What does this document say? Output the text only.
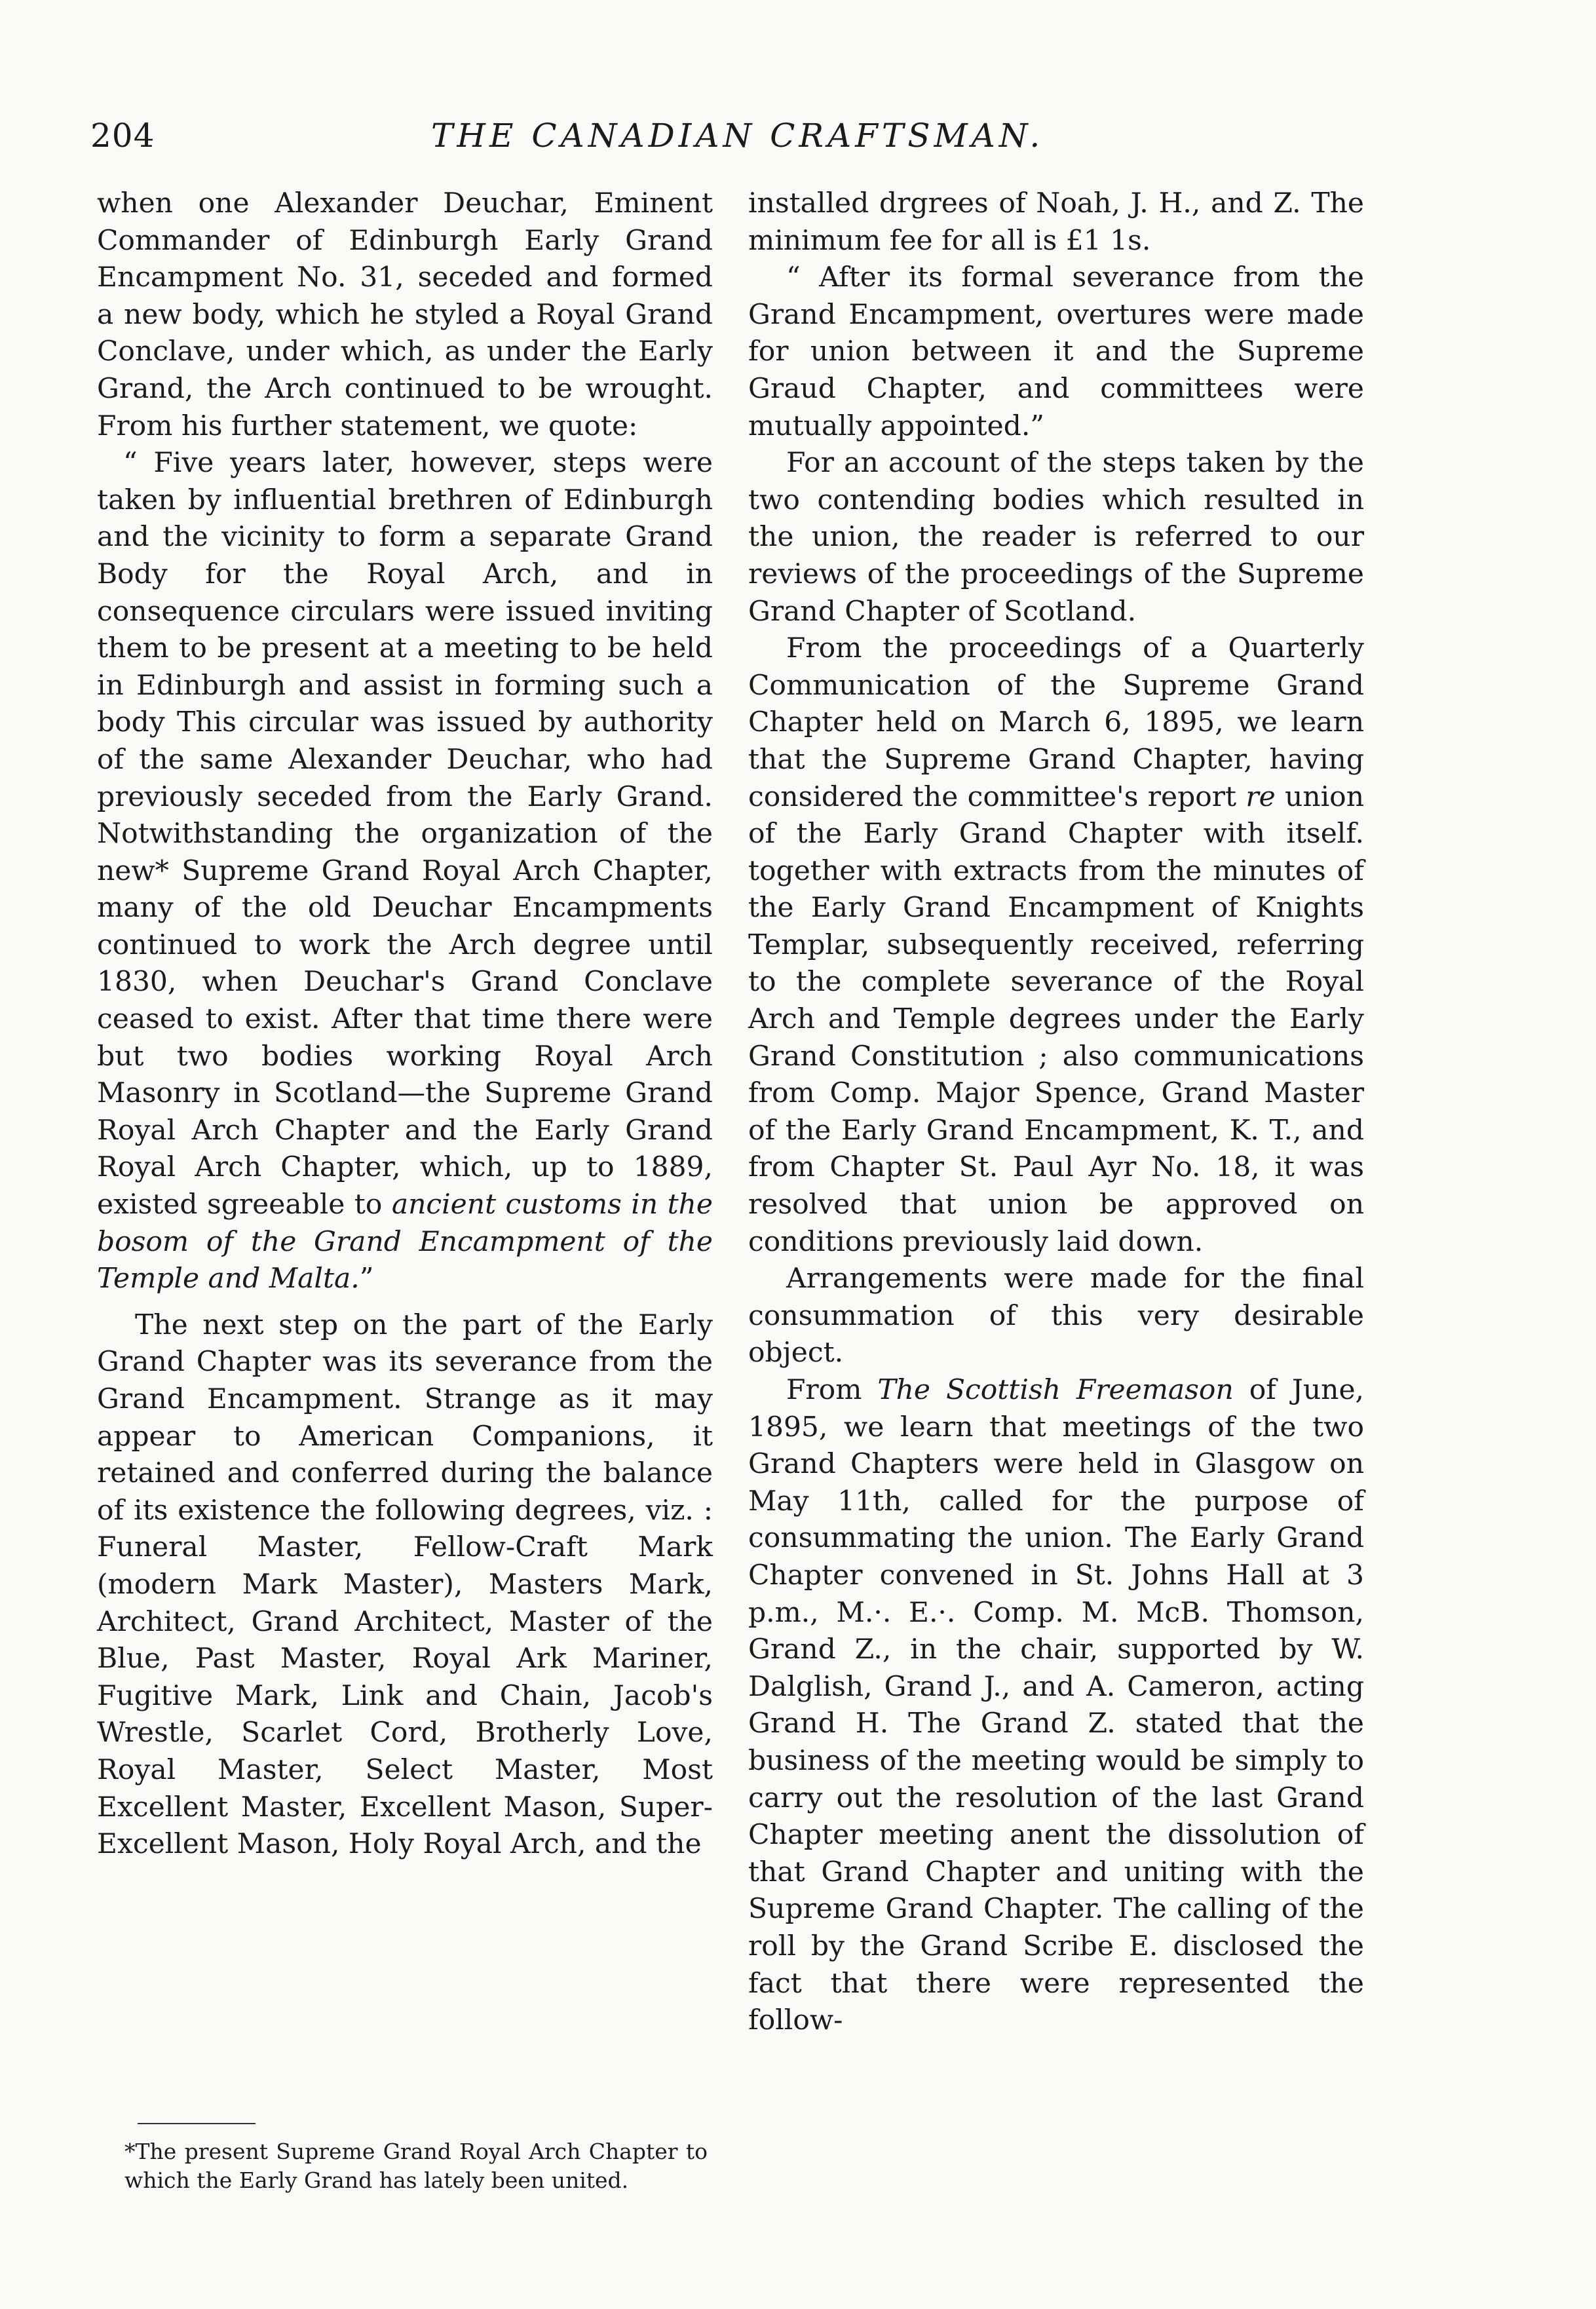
204	THE CANADIAN CRAFTSMAN.

when one Alexander Deuchar, Eminent Commander of Edinburgh Early Grand Encampment No. 31, seceded and formed a new body, which he styled a Royal Grand Conclave, under which, as under the Early Grand, the Arch continued to be wrought. From his further statement, we quote:

“ Five years later, however, steps were taken by influential brethren of Edinburgh and the vicinity to form a separate Grand Body for the Royal Arch, and in consequence circulars were issued inviting them to be present at a meeting to be held in Edinburgh and assist in forming such a body This circular was issued by authority of the same Alexander Deuchar, who had previously seceded from the Early Grand. Notwithstanding the organization of the new* Supreme Grand Royal Arch Chapter, many of the old Deuchar Encampments continued to work the Arch degree until 1830, when Deuchar's Grand Conclave ceased to exist. After that time there were but two bodies working Royal Arch Masonry in Scotland—the Supreme Grand Royal Arch Chapter and the Early Grand Royal Arch Chapter, which, up to 1889, existed sgreeable to ancient customs in the bosom of the Grand Encampment of the Temple and Malta.”

The next step on the part of the Early Grand Chapter was its severance from the Grand Encampment. Strange as it may appear to American Companions, it retained and conferred during the balance of its existence the following degrees, viz. : Funeral Master, Fellow-Craft Mark (modern Mark Master), Masters Mark, Architect, Grand Architect, Master of the Blue, Past Master, Royal Ark Mariner, Fugitive Mark, Link and Chain, Jacob's Wrestle, Scarlet Cord, Brotherly Love, Royal Master, Select Master, Most Excellent Master, Excellent Mason, Super-Excellent Mason, Holy Royal Arch, and the

*The present Supreme Grand Royal Arch Chapter to which the Early Grand has lately been united.

installed drgrees of Noah, J. H., and Z. The minimum fee for all is £1 1s.

“ After its formal severance from the Grand Encampment, overtures were made for union between it and the Supreme Graud Chapter, and committees were mutually appointed.”

For an account of the steps taken by the two contending bodies which resulted in the union, the reader is referred to our reviews of the proceedings of the Supreme Grand Chapter of Scotland.

From the proceedings of a Quarterly Communication of the Supreme Grand Chapter held on March 6, 1895, we learn that the Supreme Grand Chapter, having considered the committee's report re union of the Early Grand Chapter with itself. together with extracts from the minutes of the Early Grand Encampment of Knights Templar, subsequently received, referring to the complete severance of the Royal Arch and Temple degrees under the Early Grand Constitution ; also communications from Comp. Major Spence, Grand Master of the Early Grand Encampment, K. T., and from Chapter St. Paul Ayr No. 18, it was resolved that union be approved on conditions previously laid down.

Arrangements were made for the final consummation of this very desirable object.

From The Scottish Freemason of June, 1895, we learn that meetings of the two Grand Chapters were held in Glasgow on May 11th, called for the purpose of consummating the union. The Early Grand Chapter convened in St. Johns Hall at 3 p.m., M.·. E.·. Comp. M. McB. Thomson, Grand Z., in the chair, supported by W. Dalglish, Grand J., and A. Cameron, acting Grand H. The Grand Z. stated that the business of the meeting would be simply to carry out the resolution of the last Grand Chapter meeting anent the dissolution of that Grand Chapter and uniting with the Supreme Grand Chapter. The calling of the roll by the Grand Scribe E. disclosed the fact that there were represented the follow-
